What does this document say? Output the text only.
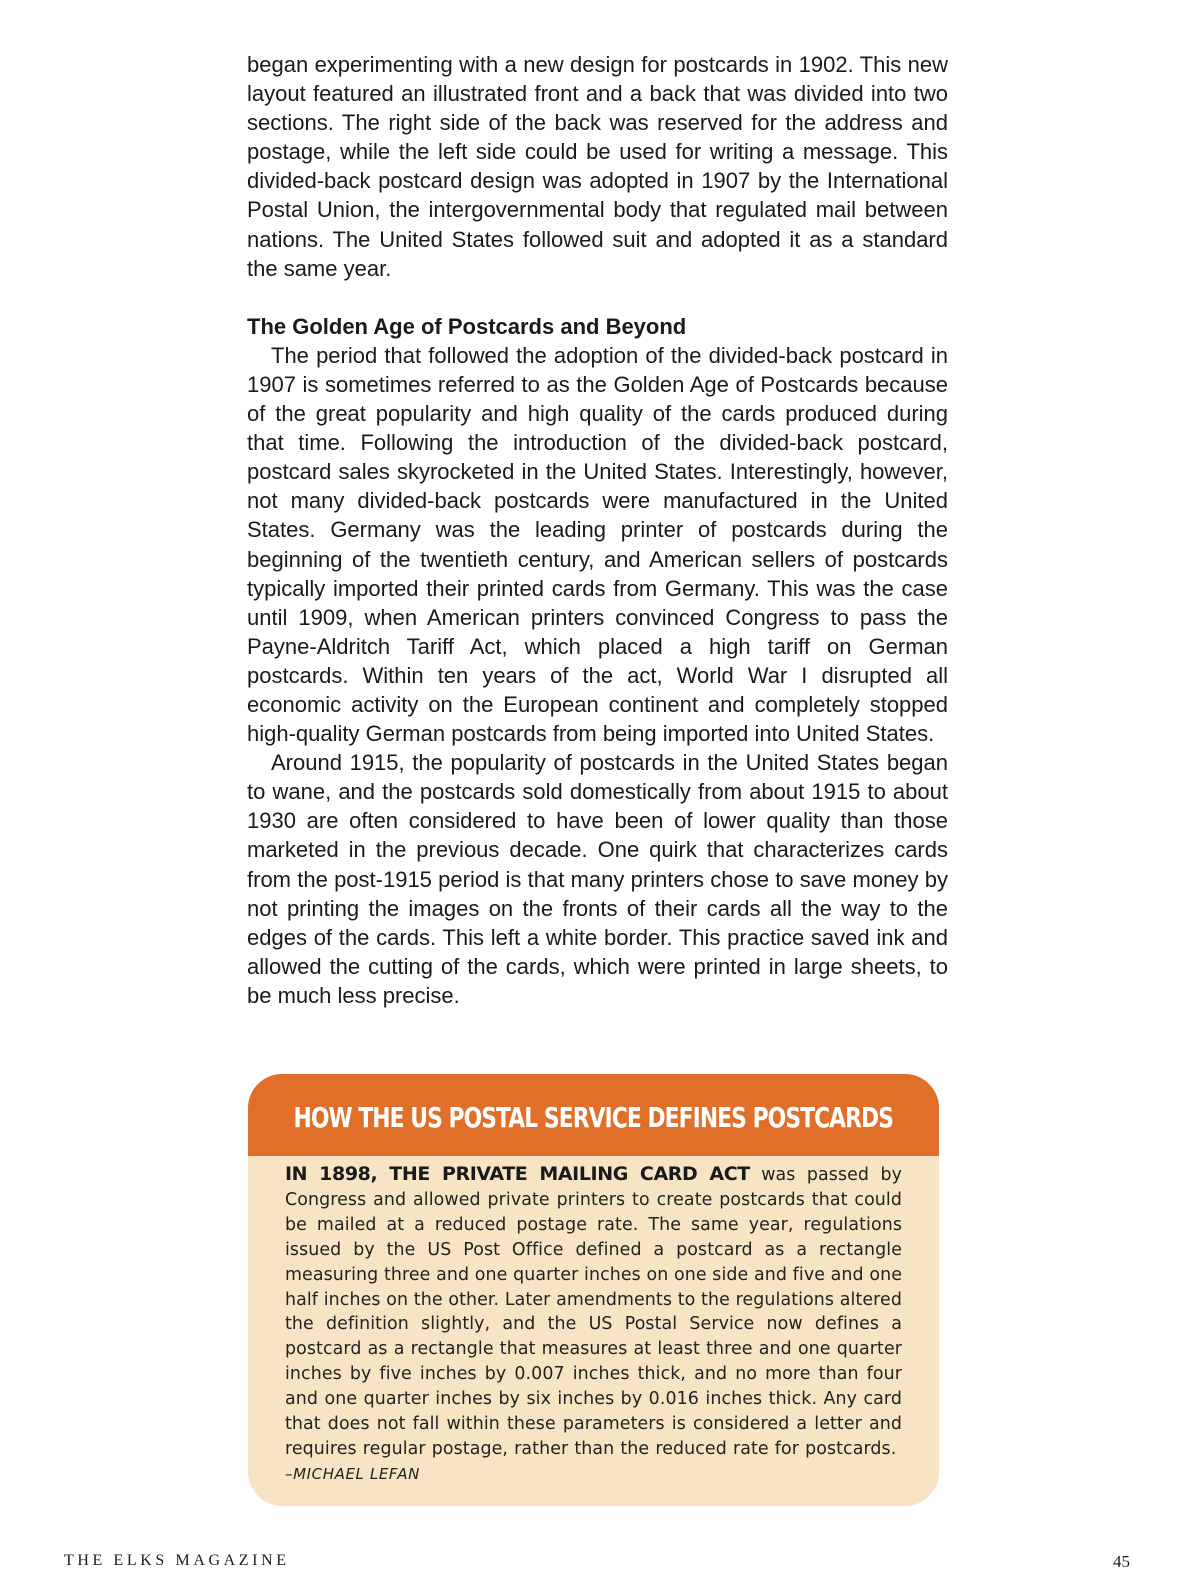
began experimenting with a new design for postcards in 1902. This new layout featured an illustrated front and a back that was divided into two sections. The right side of the back was reserved for the address and postage, while the left side could be used for writing a message. This divided-back postcard design was adopted in 1907 by the International Postal Union, the intergovernmental body that regulated mail between nations. The United States followed suit and adopted it as a standard the same year.

The Golden Age of Postcards and Beyond

The period that followed the adoption of the divided-back postcard in 1907 is sometimes referred to as the Golden Age of Postcards because of the great popularity and high quality of the cards produced during that time. Following the introduction of the divided-back postcard, postcard sales skyrocketed in the United States. Interestingly, however, not many divided-back postcards were manufactured in the United States. Germany was the leading printer of postcards during the beginning of the twentieth century, and American sellers of postcards typically imported their printed cards from Germany. This was the case until 1909, when American printers convinced Congress to pass the Payne-Aldritch Tariff Act, which placed a high tariff on German postcards. Within ten years of the act, World War I disrupted all economic activity on the European continent and completely stopped high-quality German postcards from being imported into United States.

Around 1915, the popularity of postcards in the United States began to wane, and the postcards sold domestically from about 1915 to about 1930 are often considered to have been of lower quality than those marketed in the previous decade. One quirk that characterizes cards from the post-1915 period is that many printers chose to save money by not printing the images on the fronts of their cards all the way to the edges of the cards. This left a white border. This practice saved ink and allowed the cutting of the cards, which were printed in large sheets, to be much less precise.

HOW THE US POSTAL SERVICE DEFINES POSTCARDS
IN 1898, THE PRIVATE MAILING CARD ACT was passed by Congress and allowed private printers to create postcards that could be mailed at a reduced postage rate. The same year, regulations issued by the US Post Office defined a postcard as a rectangle measuring three and one quarter inches on one side and five and one half inches on the other. Later amendments to the regulations altered the definition slightly, and the US Postal Service now defines a postcard as a rectangle that measures at least three and one quarter inches by five inches by 0.007 inches thick, and no more than four and one quarter inches by six inches by 0.016 inches thick. Any card that does not fall within these parameters is considered a letter and requires regular postage, rather than the reduced rate for postcards.  –MICHAEL LEFAN
THE ELKS MAGAZINE	45
